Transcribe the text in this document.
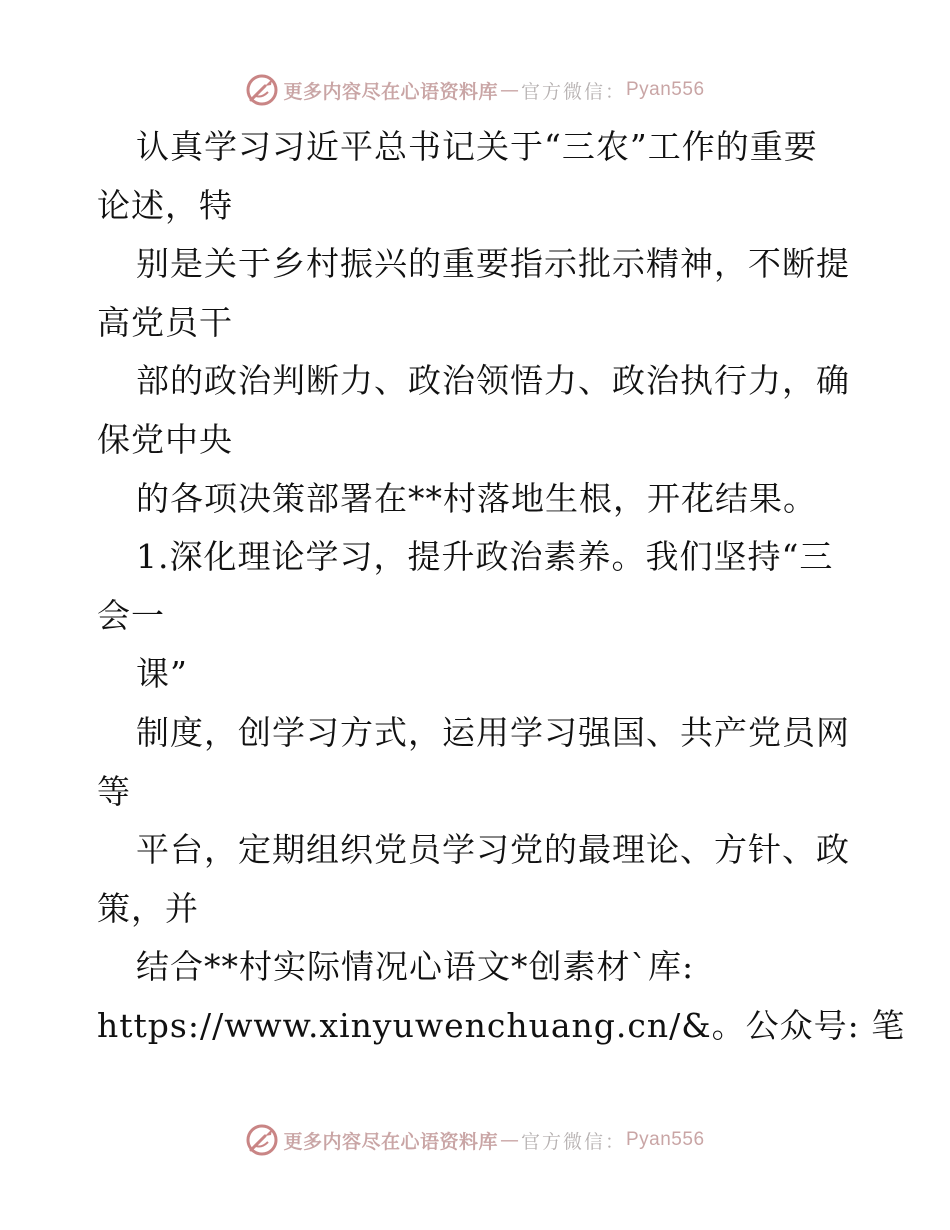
更多内容尽在心语资料库 — 官方微信： Pyan556
认真学习习近平总书记关于“三农”工作的重要
论述，特
别是关于乡村振兴的重要指示批示精神，不断提
高党员干
部的政治判断力、政治领悟力、政治执行力，确
保党中央
的各项决策部署在**村落地生根，开花结果。
1.深化理论学习，提升政治素养。我们坚持“三
会一
课”
制度，创学习方式，运用学习强国、共产党员网
等
平台，定期组织党员学习党的最理论、方针、政
策，并
结合**村实际情况心语文*创素材`库:
https://www.xinyuwenchuang.cn/&。公众号: 笔
更多内容尽在心语资料库 — 官方微信： Pyan556
